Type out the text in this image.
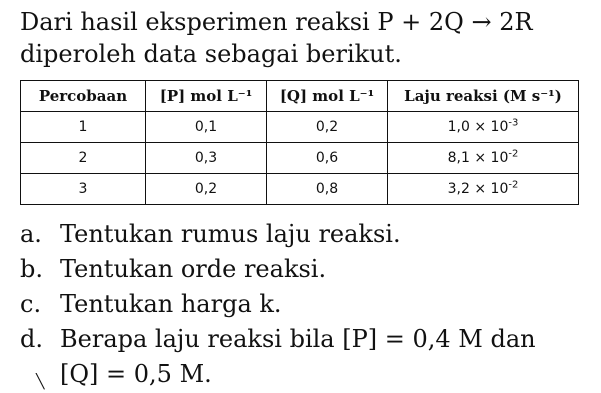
Dari hasil eksperimen reaksi P + 2Q → 2R
diperoleh data sebagai berikut.
Percobaan	[P] mol L⁻¹	[Q] mol L⁻¹	Laju reaksi (M s⁻¹)
1	0,1	0,2	$1,0 \times 10^{-3}$
2	0,3	0,6	$8,1 \times 10^{-2}$
3	0,2	0,8	$3,2 \times 10^{-2}$
a. Tentukan rumus laju reaksi.
b. Tentukan orde reaksi.
c. Tentukan harga k.
d. Berapa laju reaksi bila [P] = 0,4 M dan
[Q] = 0,5 M.
╲
